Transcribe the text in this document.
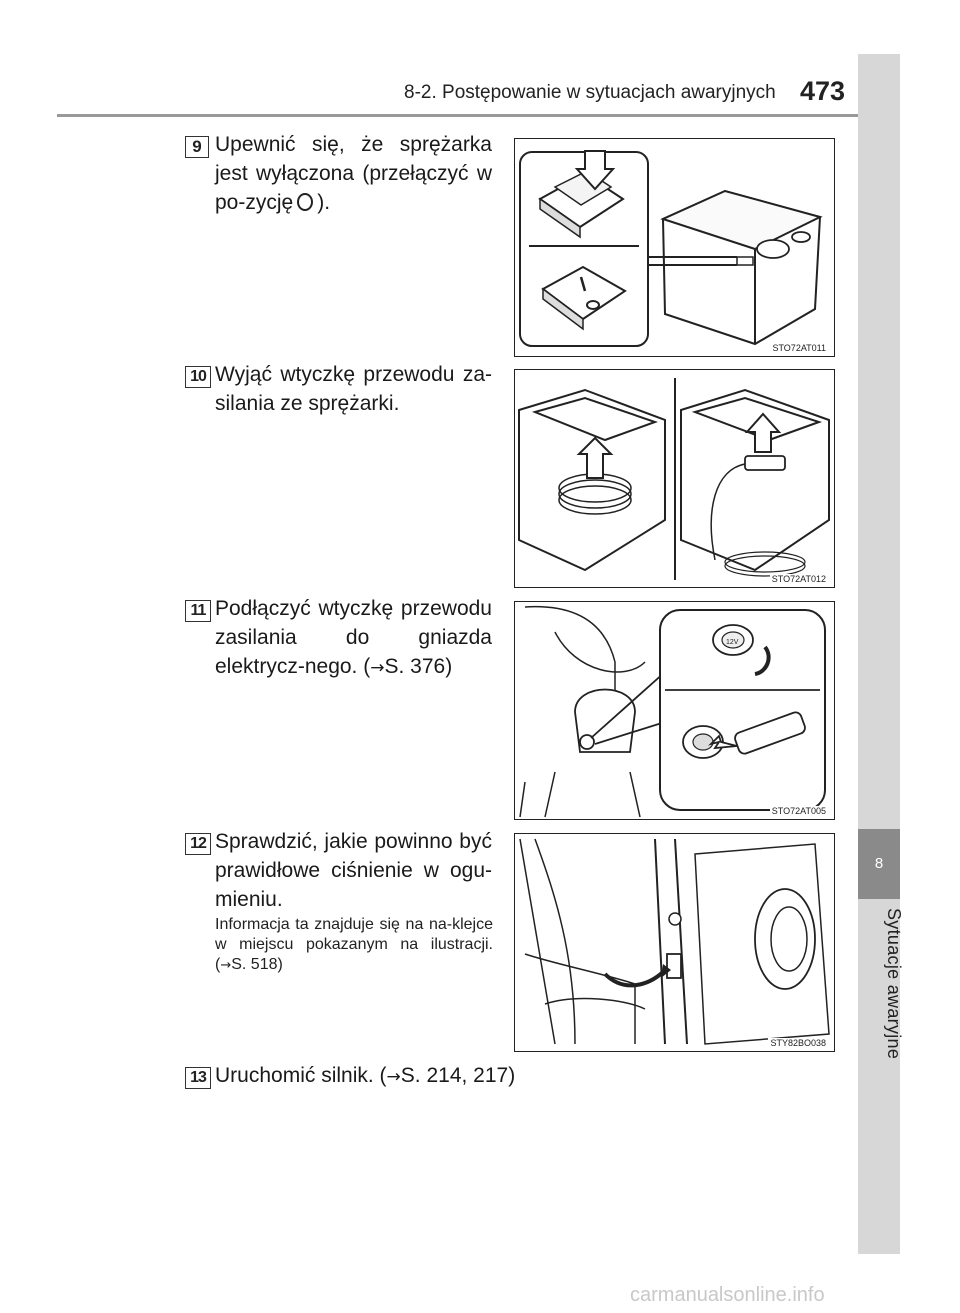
8-2. Postępowanie w sytuacjach awaryjnych 473
8
Sytuacje awaryjne
9 Upewnić się, że sprężarka jest wyłączona (przełączyć w po-zycję ).
STO72AT011
10 Wyjąć wtyczkę przewodu za-silania ze sprężarki.
STO72AT012
11 Podłączyć wtyczkę przewodu zasilania do gniazda elektrycz-nego. (→S. 376)
12V
STO72AT005
12 Sprawdzić, jakie powinno być prawidłowe ciśnienie w ogu-mieniu.
Informacja ta znajduje się na na-klejce w miejscu pokazanym na ilustracji. (→S. 518)
STY82BO038
13 Uruchomić silnik. (→S. 214, 217)
carmanualsonline.info
